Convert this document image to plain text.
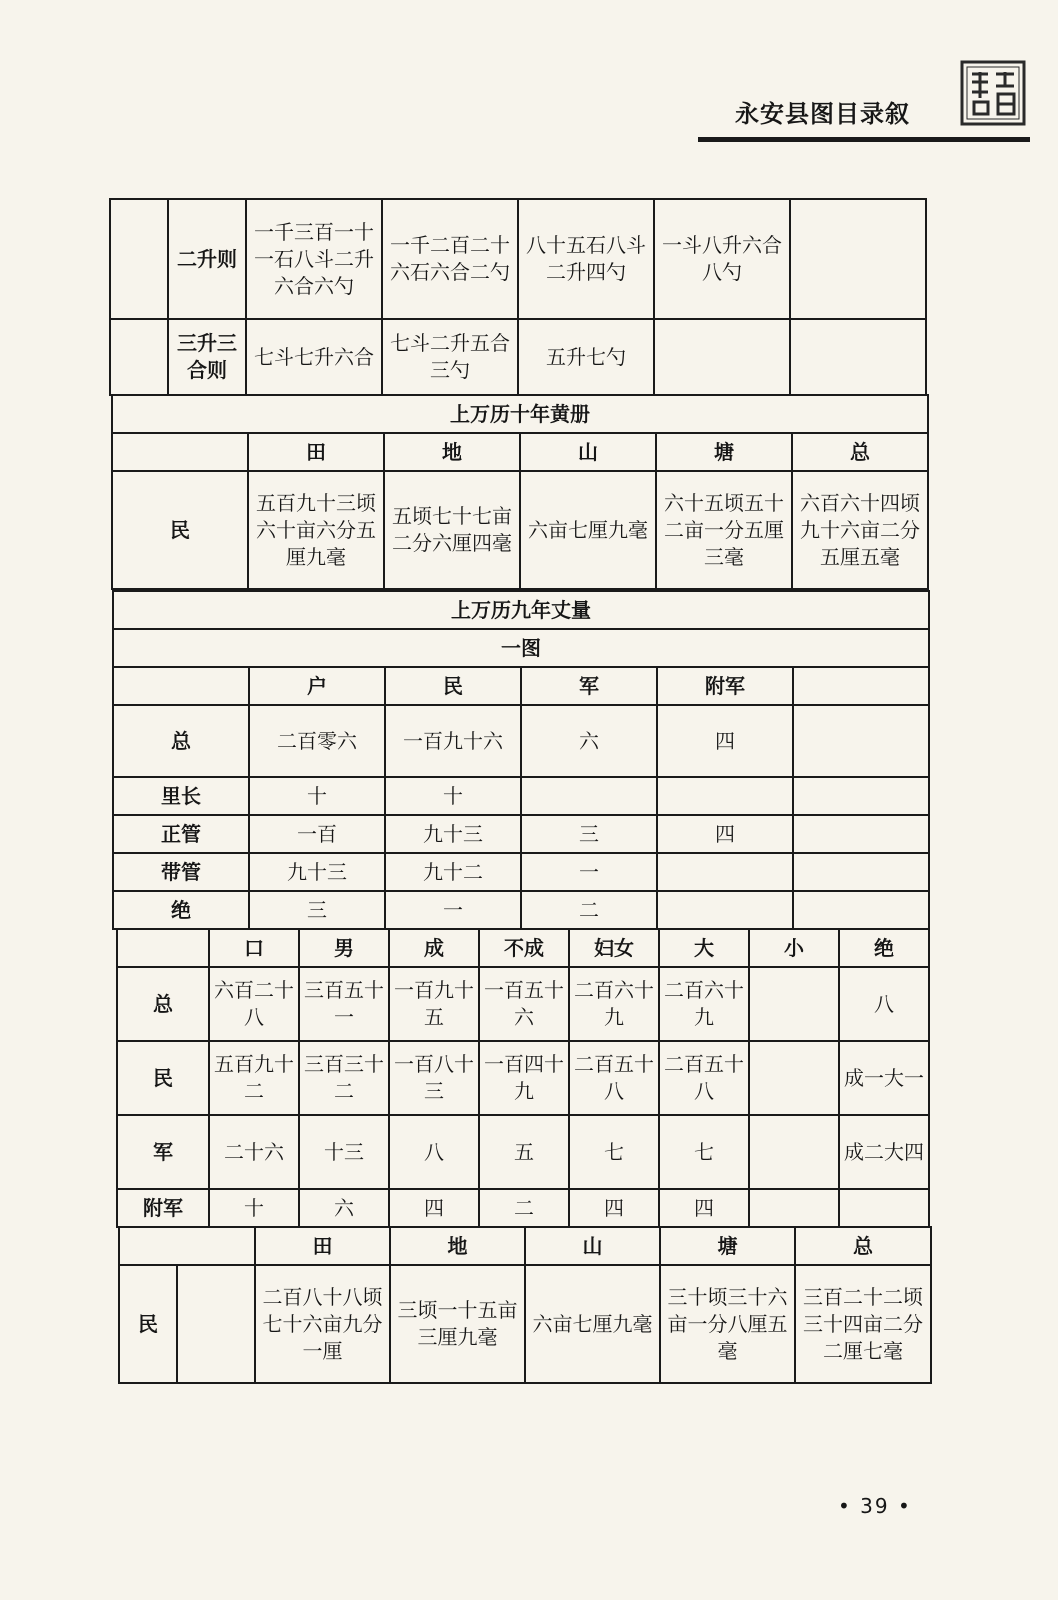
永安县图目录叙
	二升则	一千三百一十一石八斗二升六合六勺	一千二百二十六石六合二勺	八十五石八斗二升四勺	一斗八升六合八勺	
	三升三合则	七斗七升六合	七斗二升五合三勺	五升七勺		
上万历十年黄册					
	田	地	山	塘	总
民	五百九十三顷六十亩六分五厘九毫	五顷七十七亩二分六厘四毫	六亩七厘九毫	六十五顷五十二亩一分五厘三毫	六百六十四顷九十六亩二分五厘五毫
上万历九年丈量					
一图					
	户	民	军	附军	
总	二百零六	一百九十六	六	四	
里长	十	十			
正管	一百	九十三	三	四	
带管	九十三	九十二	一		
绝	三	一	二		
	口	男	成	不成	妇女	大	小	绝
总	六百二十八	三百五十一	一百九十五	一百五十六	二百六十九	二百六十九		八
民	五百九十二	三百三十二	一百八十三	一百四十九	二百五十八	二百五十八		成一大一
军	二十六	十三	八	五	七	七		成二大四
附军	十	六	四	二	四	四		
		田	地	山	塘	总
民		二百八十八顷七十六亩九分一厘	三顷一十五亩三厘九毫	六亩七厘九毫	三十顷三十六亩一分八厘五毫	三百二十二顷三十四亩二分二厘七毫
• 39 •
